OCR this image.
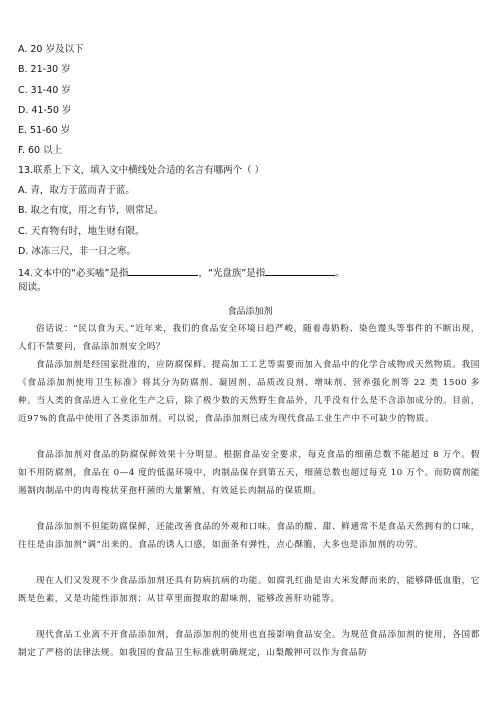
A. 20 岁及以下
B. 21-30 岁
C. 31-40 岁
D. 41-50 岁
E. 51-60 岁
F. 60 以上
13.联系上下文，填入文中横线处合适的名言有哪两个（ ）
A. 青，取方于蓝而青于蓝。
B. 取之有度，用之有节，则常足。
C. 天育物有时，地生财有限。
D. 冰冻三尺，非一日之寒。
14.文本中的“必买嗑”是指	，“光盘族”是指	。
阅读。
食品添加剂
俗话说：“民以食为天。”近年来，我们的食品安全环境日趋严峻，随着毒奶粉、染色馒头等事件的不断出现，人们不禁要问，食品添加剂安全吗？
食品添加剂是经国家批准的，应防腐保鲜、提高加工工艺等需要而加入食品中的化学合成物或天然物质。我国《食品添加剂使用卫生标准》将其分为防腐剂、凝固剂、品质改良剂、增味剂、营养强化剂等 22 类 1500 多种。当人类的食品进入工业化生产之后，除了极少数的天然野生食品外，几乎没有什么是不含添加成分的。目前，近97%的食品中使用了各类添加剂。可以说，食品添加剂已成为现代食品工业生产中不可缺少的物质。
食品添加剂对食品的防腐保鲜效果十分明显。根据食品安全要求，每克食品的细菌总数不能超过 8 万个。假如不用防腐剂，食品在 0—4 度的低温环境中，肉制品保存到第五天，细菌总数也超过每克 10 万个。而防腐剂能遏制肉制品中的肉毒梭状芽孢杆菌的大量繁殖，有效延长肉制品的保质期。
食品添加剂不但能防腐保鲜，还能改善食品的外观和口味。食品的酸、甜、鲜通常不是食品天然拥有的口味，往往是由添加剂“调”出来的。食品的诱人口感，如面条有弹性，点心酥脆，大多也是添加剂的功劳。
现在人们又发现不少食品添加剂还具有防病抗病的功能。如腐乳红曲是由大米发酵而来的，能够降低血脂，它既是色素，又是功能性添加剂；从甘草里面提取的甜味剂，能够改善肝功能等。
现代食品工业离不开食品添加剂，食品添加剂的使用也直接影响食品安全。为规范食品添加剂的使用，各国都制定了严格的法律法规。如我国的食品卫生标准就明确规定，山梨酸钾可以作为食品防
